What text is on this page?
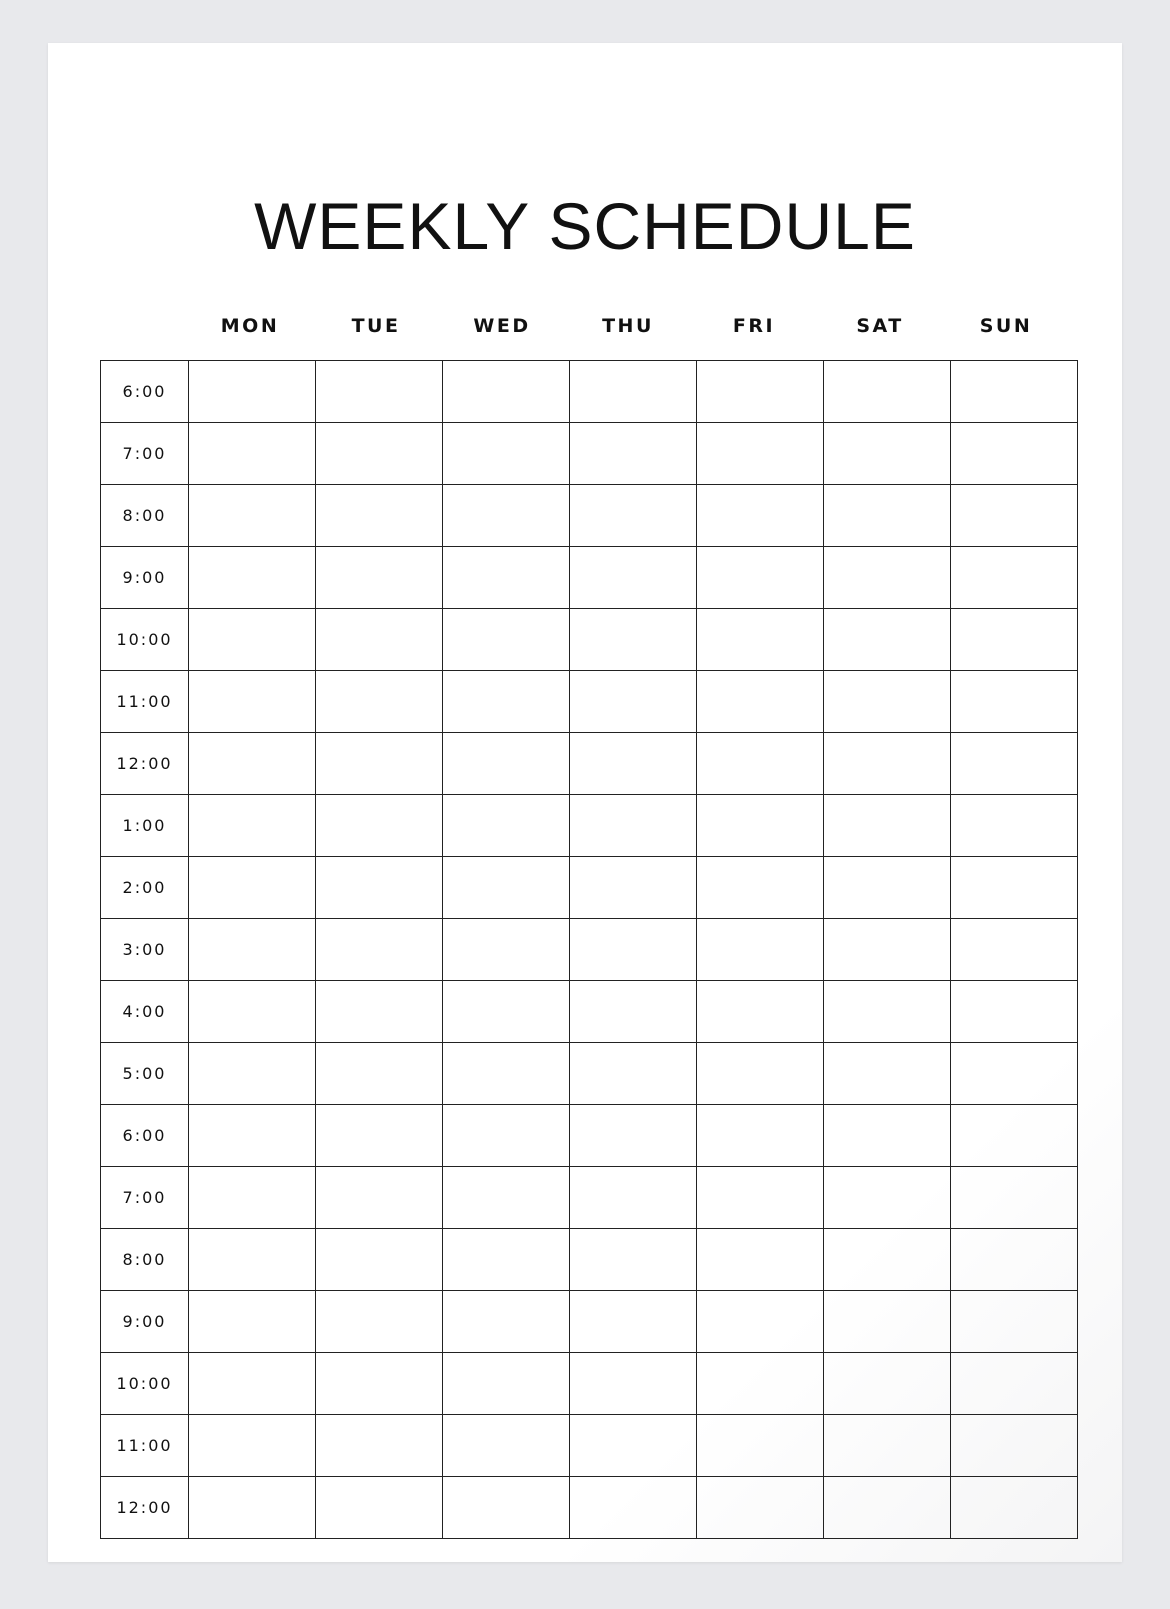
WEEKLY SCHEDULE
MON	TUE	WED	THU	FRI	SAT	SUN
6:00							
7:00							
8:00							
9:00							
10:00							
11:00							
12:00							
1:00							
2:00							
3:00							
4:00							
5:00							
6:00							
7:00							
8:00							
9:00							
10:00							
11:00							
12:00							
